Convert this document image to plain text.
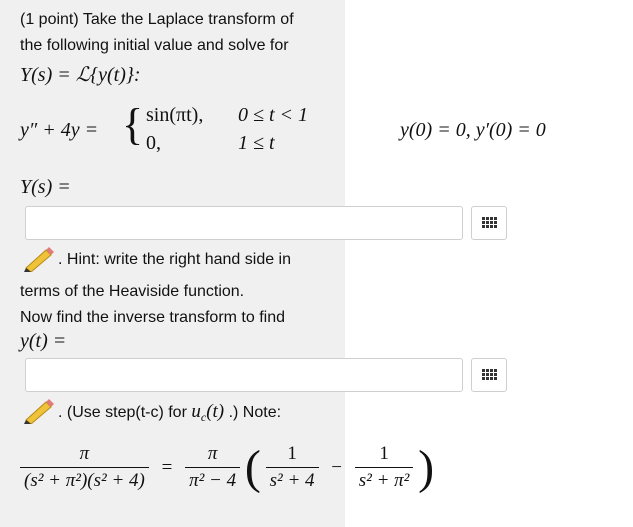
(1 point) Take the Laplace transform of
the following initial value and solve for
Y(s) = ℒ{y(t)}:
y″ + 4y = { sin(πt), 0 ≤ t < 1
0,	1 ≤ t
y(0) = 0, y′(0) = 0
Y(s) =
. Hint: write the right hand side in
terms of the Heaviside function.
Now find the inverse transform to find
y(t) =
. (Use step(t-c) for $u_c(t)$ .) Note:
$\frac{\pi}{\text{(s² + π²)(s² + 4)}} = \frac{\pi}{\text{π² − 4}}$ ( $\frac{1}{\text{s² + 4}} - \frac{1}{\text{s² + π²}}$ )
